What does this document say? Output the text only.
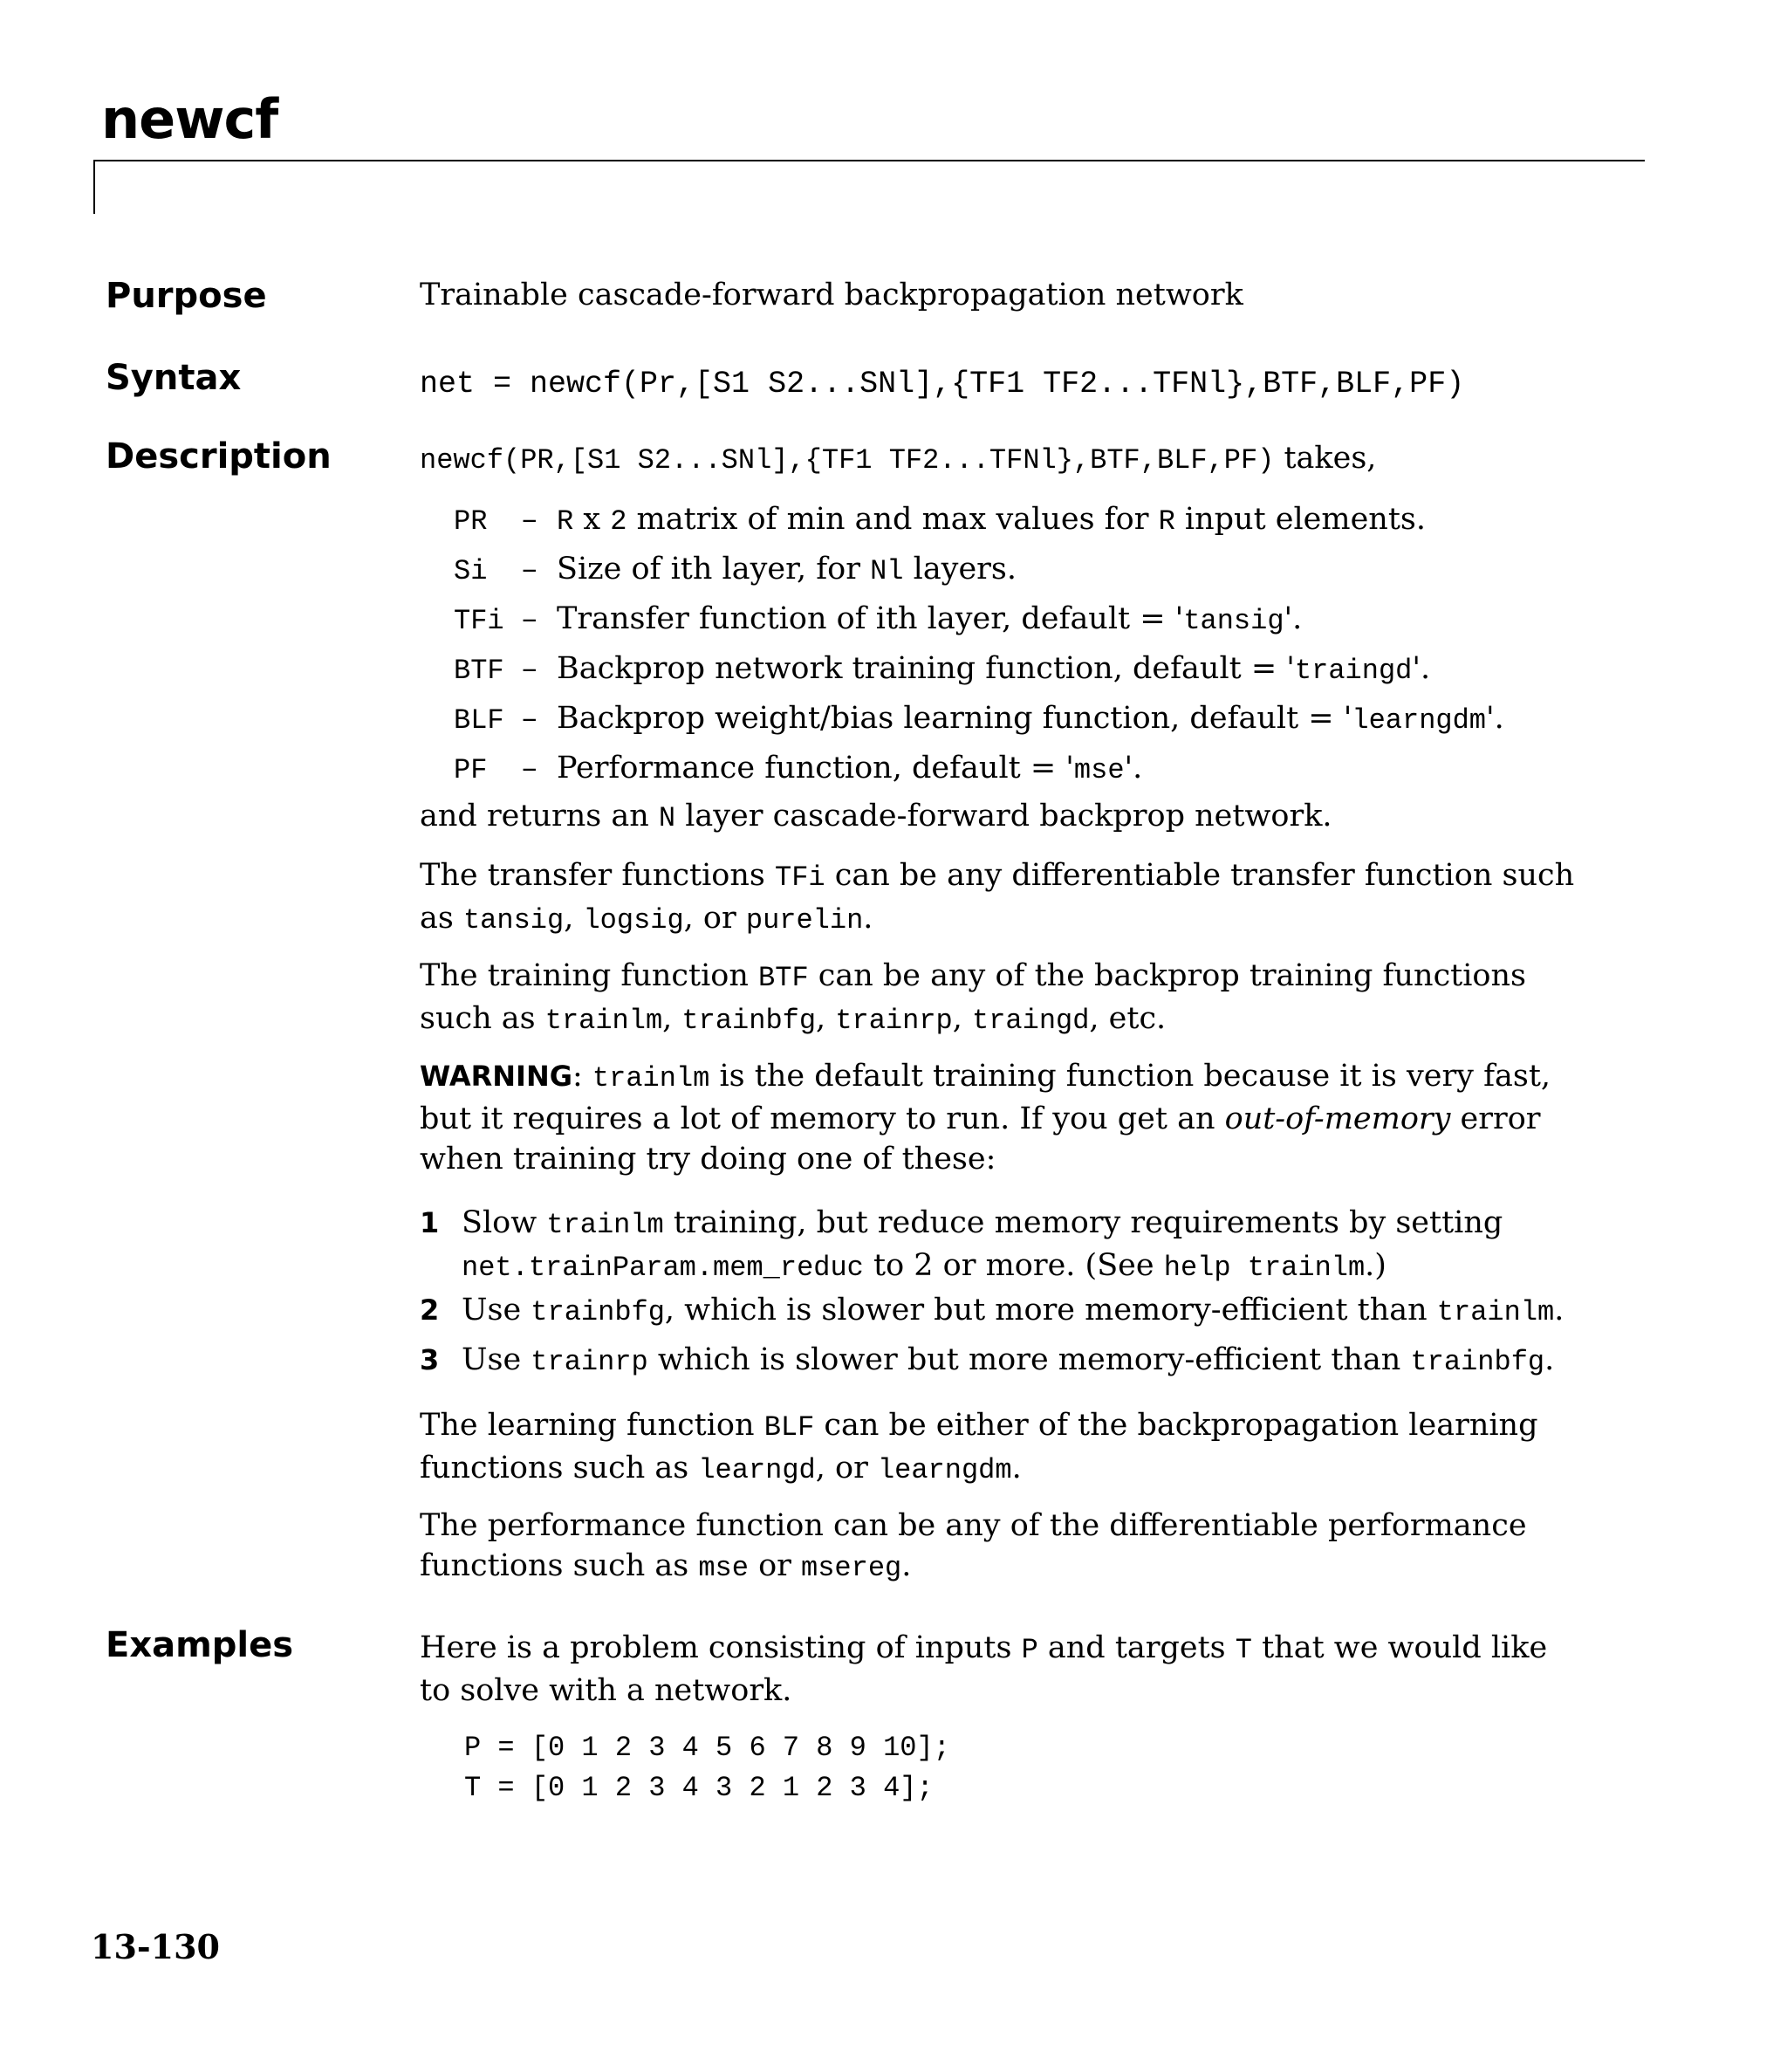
newcf
Purpose	Trainable cascade-forward backpropagation network
Syntax	net = newcf(Pr,[S1 S2...SNl],{TF1 TF2...TFNl},BTF,BLF,PF)
Description	newcf(PR,[S1 S2...SNl],{TF1 TF2...TFNl},BTF,BLF,PF) takes,
PR – R x 2 matrix of min and max values for R input elements.
Si – Size of ith layer, for Nl layers.
TFi – Transfer function of ith layer, default = 'tansig'.
BTF – Backprop network training function, default = 'traingd'.
BLF – Backprop weight/bias learning function, default = 'learngdm'.
PF – Performance function, default = 'mse'.
and returns an N layer cascade-forward backprop network.
The transfer functions TFi can be any differentiable transfer function such as tansig, logsig, or purelin.
The training function BTF can be any of the backprop training functions such as trainlm, trainbfg, trainrp, traingd, etc.
WARNING: trainlm is the default training function because it is very fast, but it requires a lot of memory to run. If you get an out-of-memory error when training try doing one of these:
1 Slow trainlm training, but reduce memory requirements by setting
net.trainParam.mem_reduc to 2 or more. (See help trainlm.)
2 Use trainbfg, which is slower but more memory-efficient than trainlm.
3 Use trainrp which is slower but more memory-efficient than trainbfg.
The learning function BLF can be either of the backpropagation learning functions such as learngd, or learngdm.
The performance function can be any of the differentiable performance functions such as mse or msereg.
Examples	Here is a problem consisting of inputs P and targets T that we would like to solve with a network.
P = [0 1 2 3 4 5 6 7 8 9 10];
T = [0 1 2 3 4 3 2 1 2 3 4];
13-130
